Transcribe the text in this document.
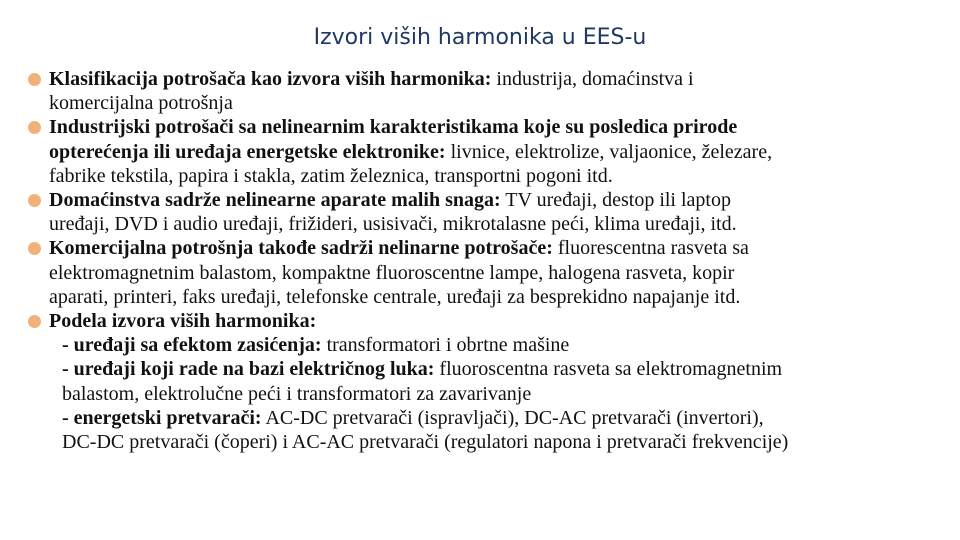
Izvori viših harmonika u EES-u
Klasifikacija potrošača kao izvora viših harmonika: industrija, domaćinstva i
komercijalna potrošnja
Industrijski potrošači sa nelinearnim karakteristikama koje su posledica prirode
opterećenja ili uređaja energetske elektronike: livnice, elektrolize, valjaonice, železare,
fabrike tekstila, papira i stakla, zatim železnica, transportni pogoni itd.
Domaćinstva sadrže nelinearne aparate malih snaga: TV uređaji, destop ili laptop
uređaji, DVD i audio uređaji, frižideri, usisivači, mikrotalasne peći, klima uređaji, itd.
Komercijalna potrošnja takođe sadrži nelinarne potrošače: fluorescentna rasveta sa
elektromagnetnim balastom, kompaktne fluoroscentne lampe, halogena rasveta, kopir
aparati, printeri, faks uređaji, telefonske centrale, uređaji za besprekidno napajanje itd.
Podela izvora viših harmonika:
- uređaji sa efektom zasićenja: transformatori i obrtne mašine
- uređaji koji rade na bazi električnog luka: fluoroscentna rasveta sa elektromagnetnim
balastom, elektrolučne peći i transformatori za zavarivanje
- energetski pretvarači: AC-DC pretvarači (ispravljači), DC-AC pretvarači (invertori),
DC-DC pretvarači (čoperi) i AC-AC pretvarači (regulatori napona i pretvarači frekvencije)
